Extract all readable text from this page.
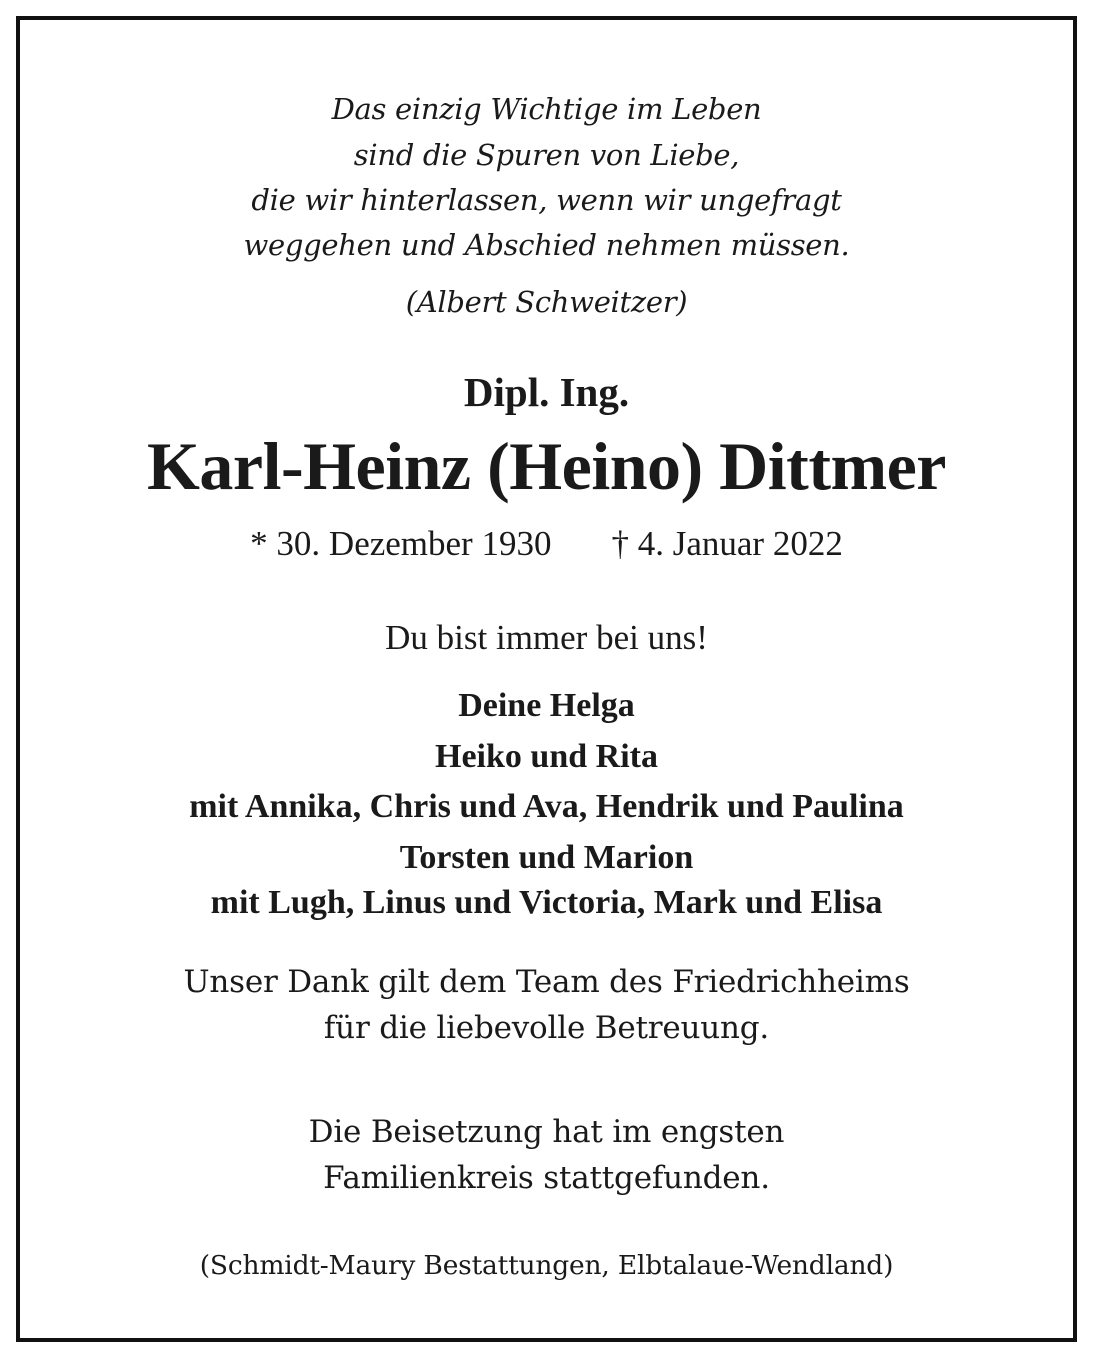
Das einzig Wichtige im Leben

sind die Spuren von Liebe,

die wir hinterlassen, wenn wir ungefragt

weggehen und Abschied nehmen müssen.

(Albert Schweitzer)

Dipl. Ing.

Karl-Heinz (Heino) Dittmer

* 30. Dezember 1930 † 4. Januar 2022

Du bist immer bei uns!

Deine Helga

Heiko und Rita

mit Annika, Chris und Ava, Hendrik und Paulina

Torsten und Marion

mit Lugh, Linus und Victoria, Mark und Elisa

Unser Dank gilt dem Team des Friedrichheims

für die liebevolle Betreuung.

Die Beisetzung hat im engsten

Familienkreis stattgefunden.

(Schmidt-Maury Bestattungen, Elbtalaue-Wendland)
